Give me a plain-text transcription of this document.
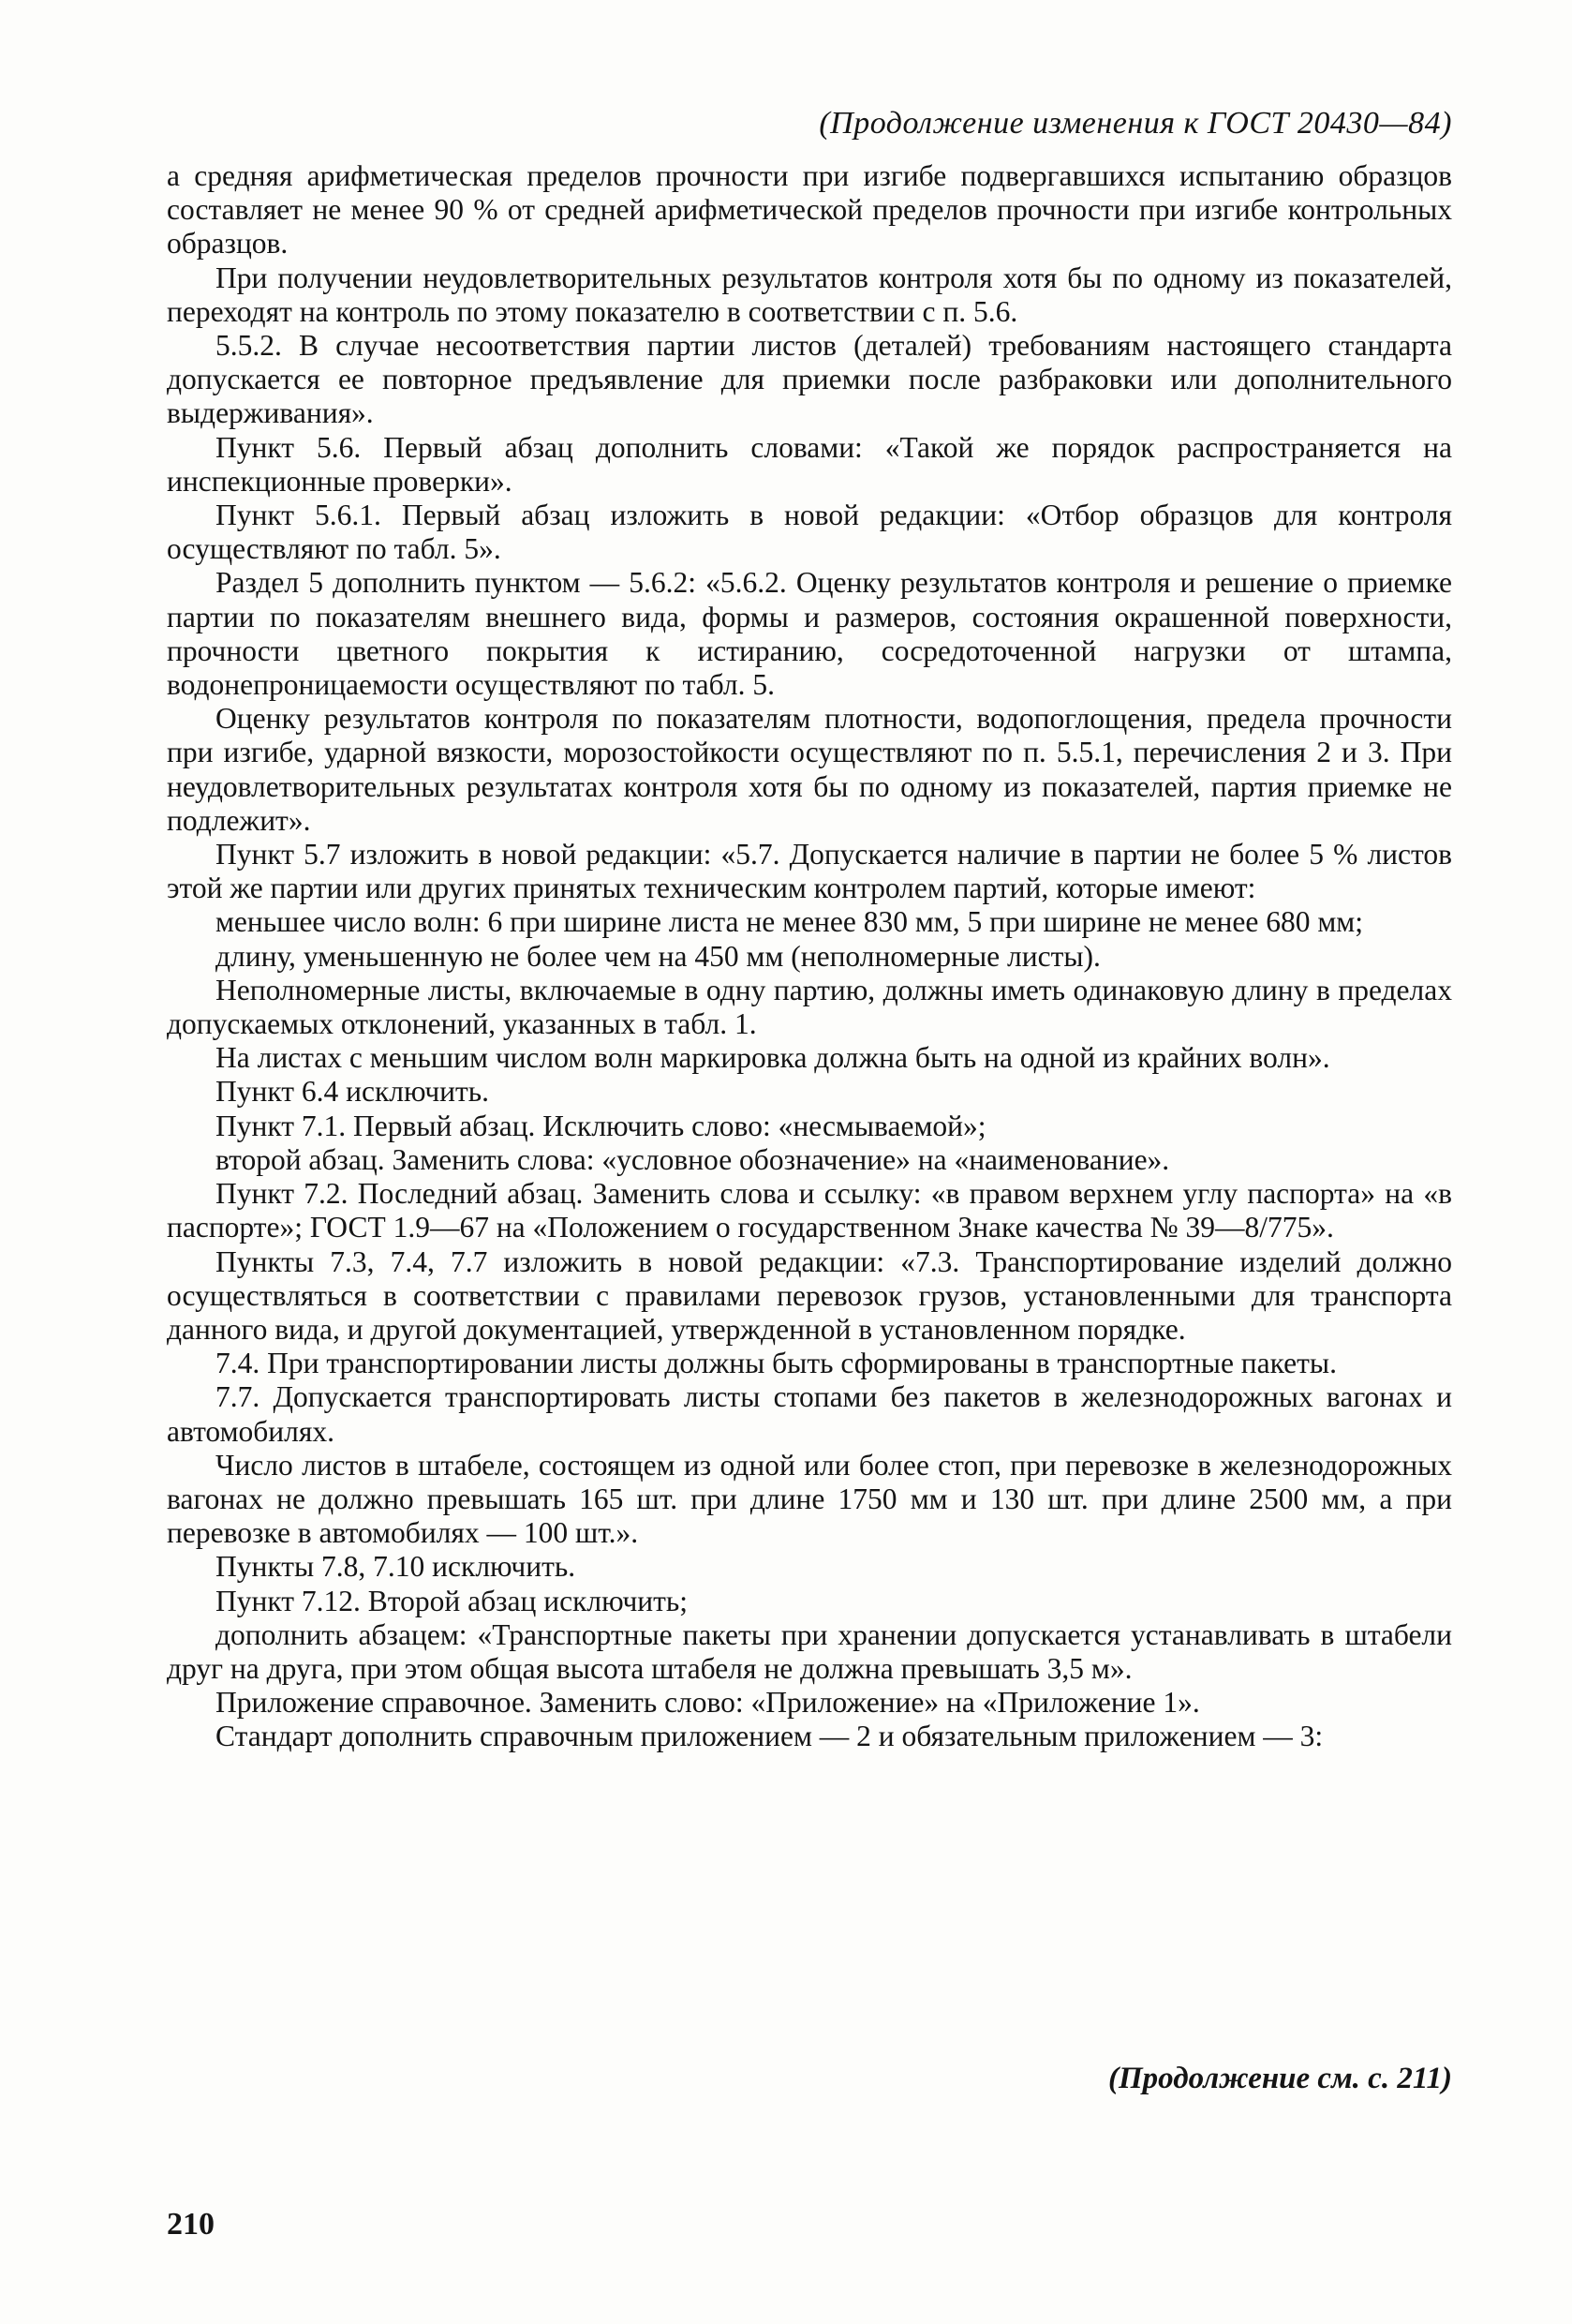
(Продолжение изменения к ГОСТ 20430—84)

а средняя арифметическая пределов прочности при изгибе подвергавшихся испытанию образцов составляет не менее 90 % от средней арифметической пределов прочности при изгибе контрольных образцов.

При получении неудовлетворительных результатов контроля хотя бы по одному из показателей, переходят на контроль по этому показателю в соответствии с п. 5.6.

5.5.2. В случае несоответствия партии листов (деталей) требованиям настоящего стандарта допускается ее повторное предъявление для приемки после разбраковки или дополнительного выдерживания».

Пункт 5.6. Первый абзац дополнить словами: «Такой же порядок распространяется на инспекционные проверки».

Пункт 5.6.1. Первый абзац изложить в новой редакции: «Отбор образцов для контроля осуществляют по табл. 5».

Раздел 5 дополнить пунктом — 5.6.2: «5.6.2. Оценку результатов контроля и решение о приемке партии по показателям внешнего вида, формы и размеров, состояния окрашенной поверхности, прочности цветного покрытия к истиранию, сосредоточенной нагрузки от штампа, водонепроницаемости осуществляют по табл. 5.

Оценку результатов контроля по показателям плотности, водопоглощения, предела прочности при изгибе, ударной вязкости, морозостойкости осуществляют по п. 5.5.1, перечисления 2 и 3. При неудовлетворительных результатах контроля хотя бы по одному из показателей, партия приемке не подлежит».

Пункт 5.7 изложить в новой редакции: «5.7. Допускается наличие в партии не более 5 % листов этой же партии или других принятых техническим контролем партий, которые имеют:

меньшее число волн: 6 при ширине листа не менее 830 мм, 5 при ширине не менее 680 мм;

длину, уменьшенную не более чем на 450 мм (неполномерные листы).

Неполномерные листы, включаемые в одну партию, должны иметь одинаковую длину в пределах допускаемых отклонений, указанных в табл. 1.

На листах с меньшим числом волн маркировка должна быть на одной из крайних волн».

Пункт 6.4 исключить.

Пункт 7.1. Первый абзац. Исключить слово: «несмываемой»;

второй абзац. Заменить слова: «условное обозначение» на «наименование».

Пункт 7.2. Последний абзац. Заменить слова и ссылку: «в правом верхнем углу паспорта» на «в паспорте»; ГОСТ 1.9—67 на «Положением о государственном Знаке качества № 39—8/775».

Пункты 7.3, 7.4, 7.7 изложить в новой редакции: «7.3. Транспортирование изделий должно осуществляться в соответствии с правилами перевозок грузов, установленными для транспорта данного вида, и другой документацией, утвержденной в установленном порядке.

7.4. При транспортировании листы должны быть сформированы в транспортные пакеты.

7.7. Допускается транспортировать листы стопами без пакетов в железнодорожных вагонах и автомобилях.

Число листов в штабеле, состоящем из одной или более стоп, при перевозке в железнодорожных вагонах не должно превышать 165 шт. при длине 1750 мм и 130 шт. при длине 2500 мм, а при перевозке в автомобилях — 100 шт.».

Пункты 7.8, 7.10 исключить.

Пункт 7.12. Второй абзац исключить;

дополнить абзацем: «Транспортные пакеты при хранении допускается устанавливать в штабели друг на друга, при этом общая высота штабеля не должна превышать 3,5 м».

Приложение справочное. Заменить слово: «Приложение» на «Приложение 1».

Стандарт дополнить справочным приложением — 2 и обязательным приложением — 3:

(Продолжение см. с. 211)
210
